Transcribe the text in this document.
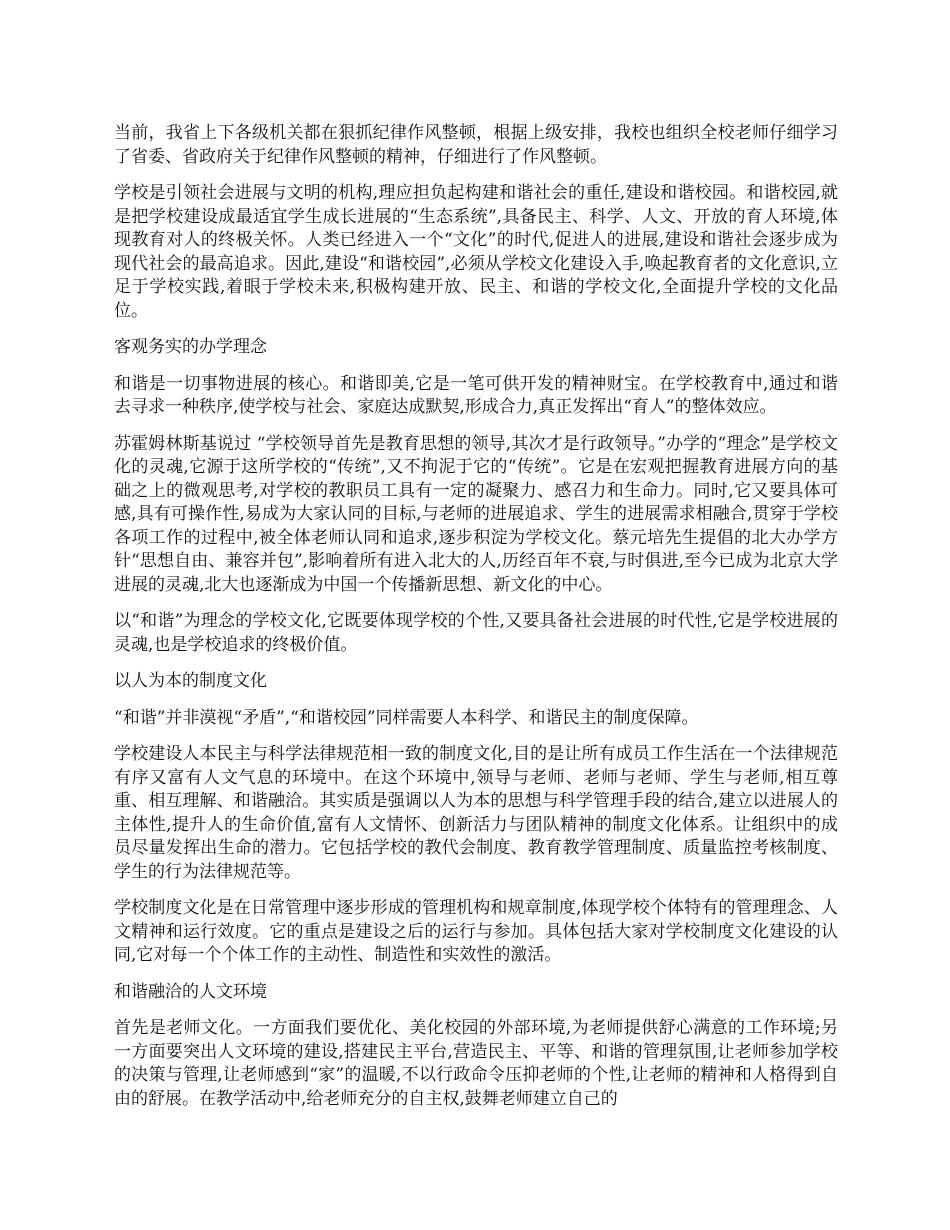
当前，我省上下各级机关都在狠抓纪律作风整顿，根据上级安排，我校也组织全校老师仔细学习了省委、省政府关于纪律作风整顿的精神，仔细进行了作风整顿。

学校是引领社会进展与文明的机构,理应担负起构建和谐社会的重任,建设和谐校园。和谐校园,就是把学校建设成最适宜学生成长进展的“生态系统”,具备民主、科学、人文、开放的育人环境,体现教育对人的终极关怀。人类已经进入一个“文化”的时代,促进人的进展,建设和谐社会逐步成为现代社会的最高追求。因此,建设“和谐校园”,必须从学校文化建设入手,唤起教育者的文化意识,立足于学校实践,着眼于学校未来,积极构建开放、民主、和谐的学校文化,全面提升学校的文化品位。

客观务实的办学理念

和谐是一切事物进展的核心。和谐即美,它是一笔可供开发的精神财宝。在学校教育中,通过和谐去寻求一种秩序,使学校与社会、家庭达成默契,形成合力,真正发挥出“育人”的整体效应。

苏霍姆林斯基说过 “学校领导首先是教育思想的领导,其次才是行政领导。”办学的“理念”是学校文化的灵魂,它源于这所学校的“传统”,又不拘泥于它的“传统”。它是在宏观把握教育进展方向的基础之上的微观思考,对学校的教职员工具有一定的凝聚力、感召力和生命力。同时,它又要具体可感,具有可操作性,易成为大家认同的目标,与老师的进展追求、学生的进展需求相融合,贯穿于学校各项工作的过程中,被全体老师认同和追求,逐步积淀为学校文化。蔡元培先生提倡的北大办学方针“思想自由、兼容并包”,影响着所有进入北大的人,历经百年不衰,与时俱进,至今已成为北京大学进展的灵魂,北大也逐渐成为中国一个传播新思想、新文化的中心。

以“和谐”为理念的学校文化,它既要体现学校的个性,又要具备社会进展的时代性,它是学校进展的灵魂,也是学校追求的终极价值。

以人为本的制度文化

“和谐”并非漠视“矛盾”,“和谐校园”同样需要人本科学、和谐民主的制度保障。

学校建设人本民主与科学法律规范相一致的制度文化,目的是让所有成员工作生活在一个法律规范有序又富有人文气息的环境中。在这个环境中,领导与老师、老师与老师、学生与老师,相互尊重、相互理解、和谐融洽。其实质是强调以人为本的思想与科学管理手段的结合,建立以进展人的主体性,提升人的生命价值,富有人文情怀、创新活力与团队精神的制度文化体系。让组织中的成员尽量发挥出生命的潜力。它包括学校的教代会制度、教育教学管理制度、质量监控考核制度、学生的行为法律规范等。

学校制度文化是在日常管理中逐步形成的管理机构和规章制度,体现学校个体特有的管理理念、人文精神和运行效度。它的重点是建设之后的运行与参加。具体包括大家对学校制度文化建设的认同,它对每一个个体工作的主动性、制造性和实效性的激活。

和谐融洽的人文环境

首先是老师文化。一方面我们要优化、美化校园的外部环境,为老师提供舒心满意的工作环境;另一方面要突出人文环境的建设,搭建民主平台,营造民主、平等、和谐的管理氛围,让老师参加学校的决策与管理,让老师感到“家”的温暖,不以行政命令压抑老师的个性,让老师的精神和人格得到自由的舒展。在教学活动中,给老师充分的自主权,鼓舞老师建立自己的
